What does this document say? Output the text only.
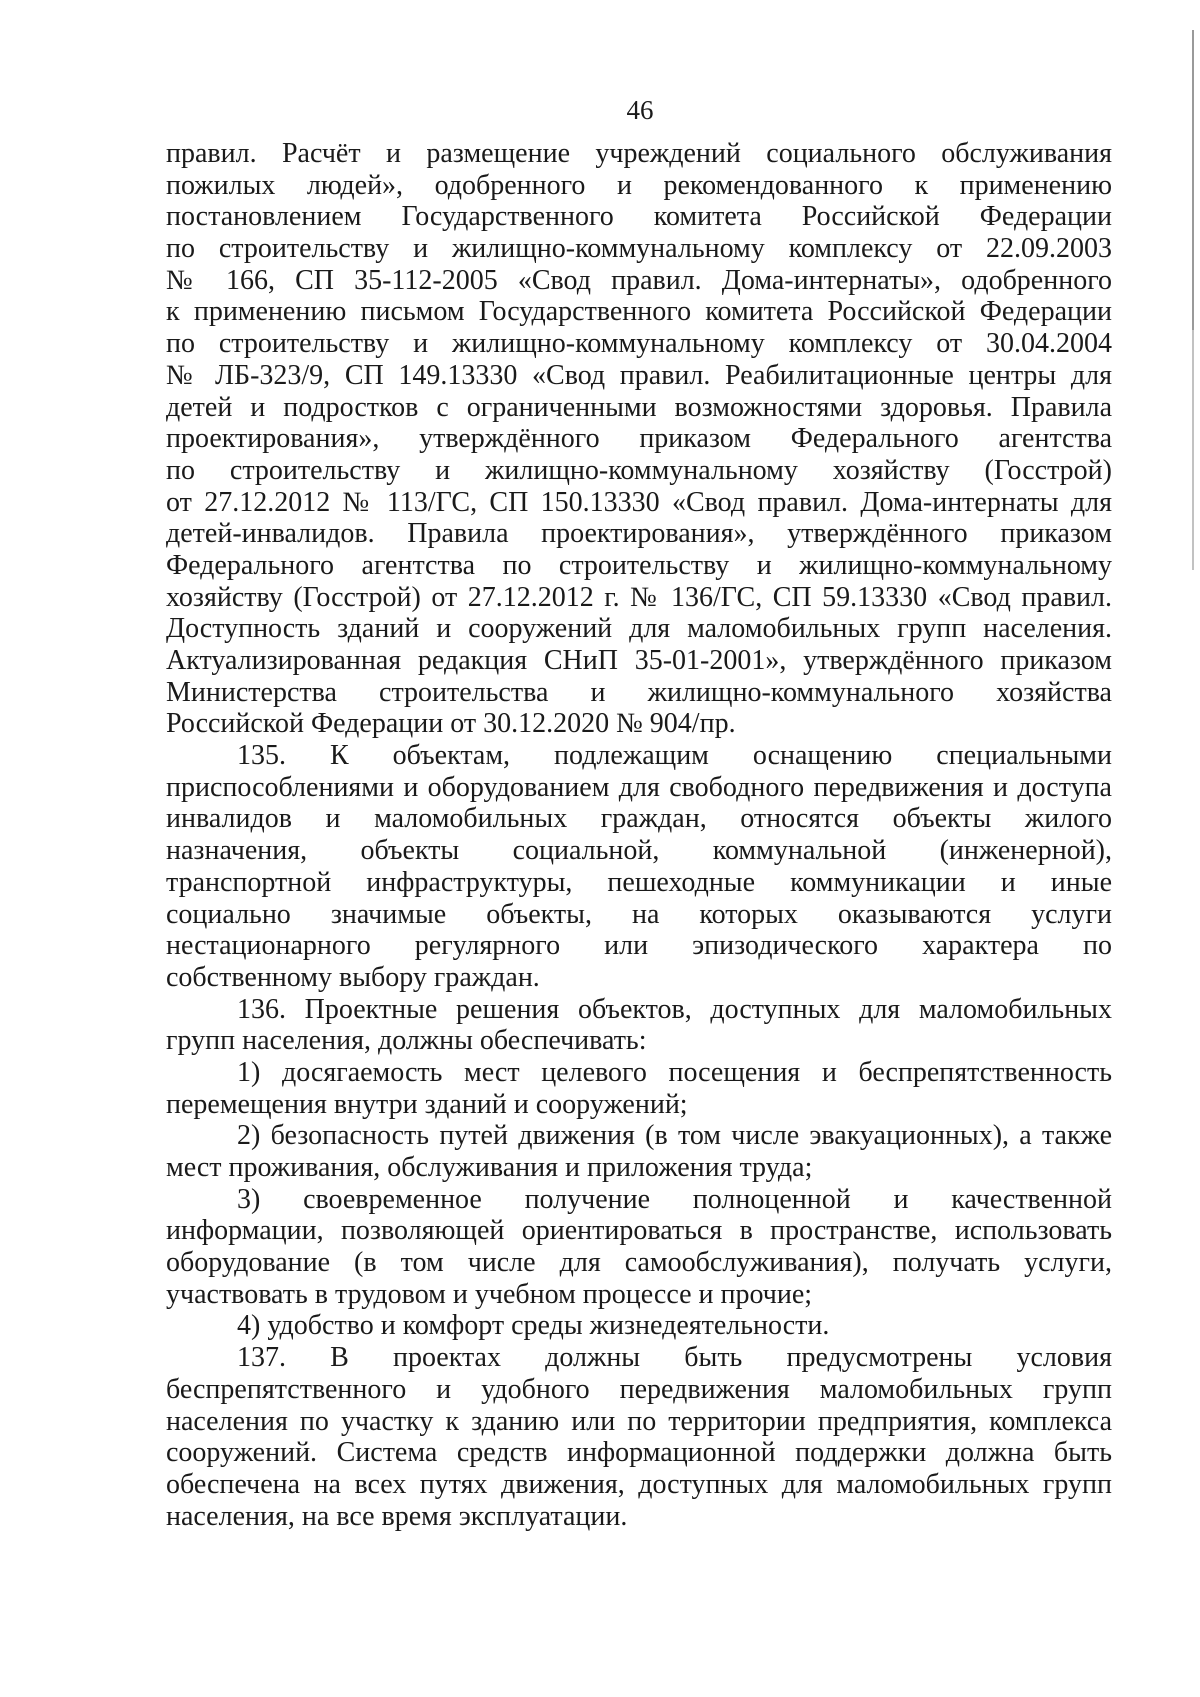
46
правил. Расчёт и размещение учреждений социального обслуживания
пожилых людей», одобренного и рекомендованного к применению
постановлением Государственного комитета Российской Федерации
по строительству и жилищно-коммунальному комплексу от 22.09.2003
№ 166, СП 35-112-2005 «Свод правил. Дома-интернаты», одобренного
к применению письмом Государственного комитета Российской Федерации
по строительству и жилищно-коммунальному комплексу от 30.04.2004
№ ЛБ-323/9, СП 149.13330 «Свод правил. Реабилитационные центры для
детей и подростков с ограниченными возможностями здоровья. Правила
проектирования», утверждённого приказом Федерального агентства
по строительству и жилищно-коммунальному хозяйству (Госстрой)
от 27.12.2012 № 113/ГС, СП 150.13330 «Свод правил. Дома-интернаты для
детей-инвалидов. Правила проектирования», утверждённого приказом
Федерального агентства по строительству и жилищно-коммунальному
хозяйству (Госстрой) от 27.12.2012 г. № 136/ГС, СП 59.13330 «Свод правил.
Доступность зданий и сооружений для маломобильных групп населения.
Актуализированная редакция СНиП 35-01-2001», утверждённого приказом
Министерства строительства и жилищно-коммунального хозяйства
Российской Федерации от 30.12.2020 № 904/пр.
135. К объектам, подлежащим оснащению специальными
приспособлениями и оборудованием для свободного передвижения и доступа
инвалидов и маломобильных граждан, относятся объекты жилого
назначения, объекты социальной, коммунальной (инженерной),
транспортной инфраструктуры, пешеходные коммуникации и иные
социально значимые объекты, на которых оказываются услуги
нестационарного регулярного или эпизодического характера по
собственному выбору граждан.
136. Проектные решения объектов, доступных для маломобильных
групп населения, должны обеспечивать:
1) досягаемость мест целевого посещения и беспрепятственность
перемещения внутри зданий и сооружений;
2) безопасность путей движения (в том числе эвакуационных), а также
мест проживания, обслуживания и приложения труда;
3) своевременное получение полноценной и качественной
информации, позволяющей ориентироваться в пространстве, использовать
оборудование (в том числе для самообслуживания), получать услуги,
участвовать в трудовом и учебном процессе и прочие;
4) удобство и комфорт среды жизнедеятельности.
137. В проектах должны быть предусмотрены условия
беспрепятственного и удобного передвижения маломобильных групп
населения по участку к зданию или по территории предприятия, комплекса
сооружений. Система средств информационной поддержки должна быть
обеспечена на всех путях движения, доступных для маломобильных групп
населения, на все время эксплуатации.
